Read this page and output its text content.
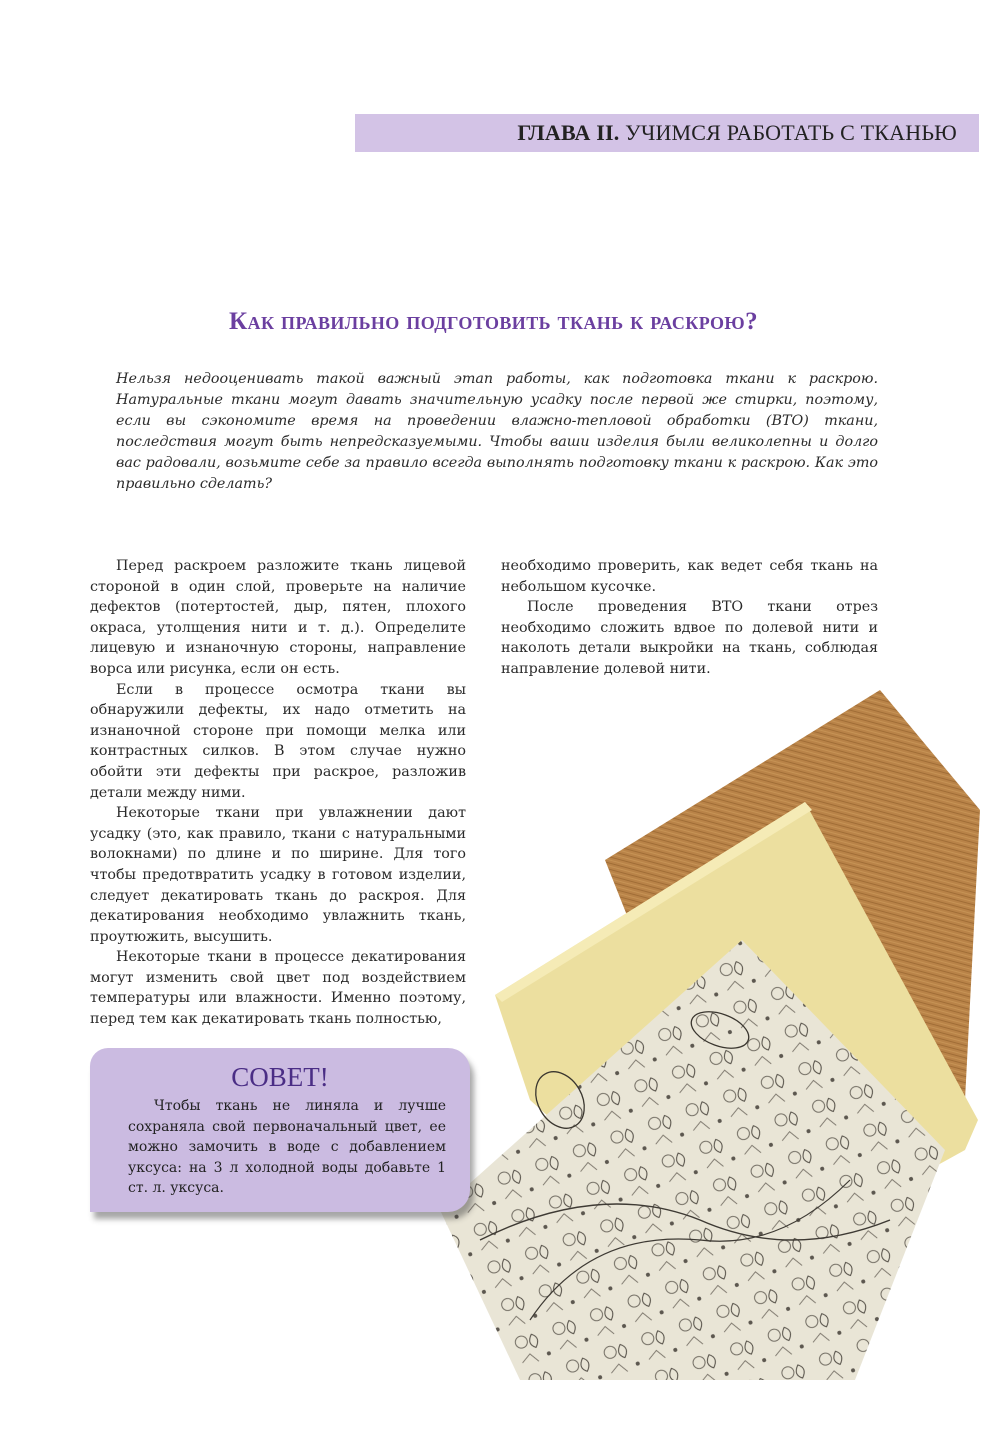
ГЛАВА II. УЧИМСЯ РАБОТАТЬ С ТКАНЬЮ
Как правильно подготовить ткань к раскрою?

Нельзя недооценивать такой важный этап работы, как подготовка ткани к раскрою. Натуральные ткани могут давать значительную усадку после первой же стирки, поэтому, если вы сэкономите время на проведении влажно-тепловой обработки (ВТО) ткани, последствия могут быть непредсказуемыми. Чтобы ваши изделия были великолепны и долго вас радовали, возьмите себе за правило всегда выполнять подготовку ткани к раскрою. Как это правильно сделать?

Перед раскроем разложите ткань лицевой стороной в один слой, проверьте на наличие дефектов (потертостей, дыр, пятен, плохого окраса, утолщения нити и т. д.). Определите лицевую и изнаночную стороны, направление ворса или рисунка, если он есть.

Если в процессе осмотра ткани вы обнаружили дефекты, их надо отметить на изнаночной стороне при помощи мелка или контрастных силков. В этом случае нужно обойти эти дефекты при раскрое, разложив детали между ними.

Некоторые ткани при увлажнении дают усадку (это, как правило, ткани с натуральными волокнами) по длине и по ширине. Для того чтобы предотвратить усадку в готовом изделии, следует декатировать ткань до раскроя. Для декатирования необходимо увлажнить ткань, проутюжить, высушить.

Некоторые ткани в процессе декатирования могут изменить свой цвет под воздействием температуры или влажности. Именно поэтому, перед тем как декатировать ткань полностью,

необходимо проверить, как ведет себя ткань на небольшом кусочке.

После проведения ВТО ткани отрез необходимо сложить вдвое по долевой нити и наколоть детали выкройки на ткань, соблюдая направление долевой нити.

СОВЕТ!

Чтобы ткань не линяла и лучше сохраняла свой первоначальный цвет, ее можно замочить в воде с добавлением уксуса: на 3 л холодной воды добавьте 1 ст. л. уксуса.
